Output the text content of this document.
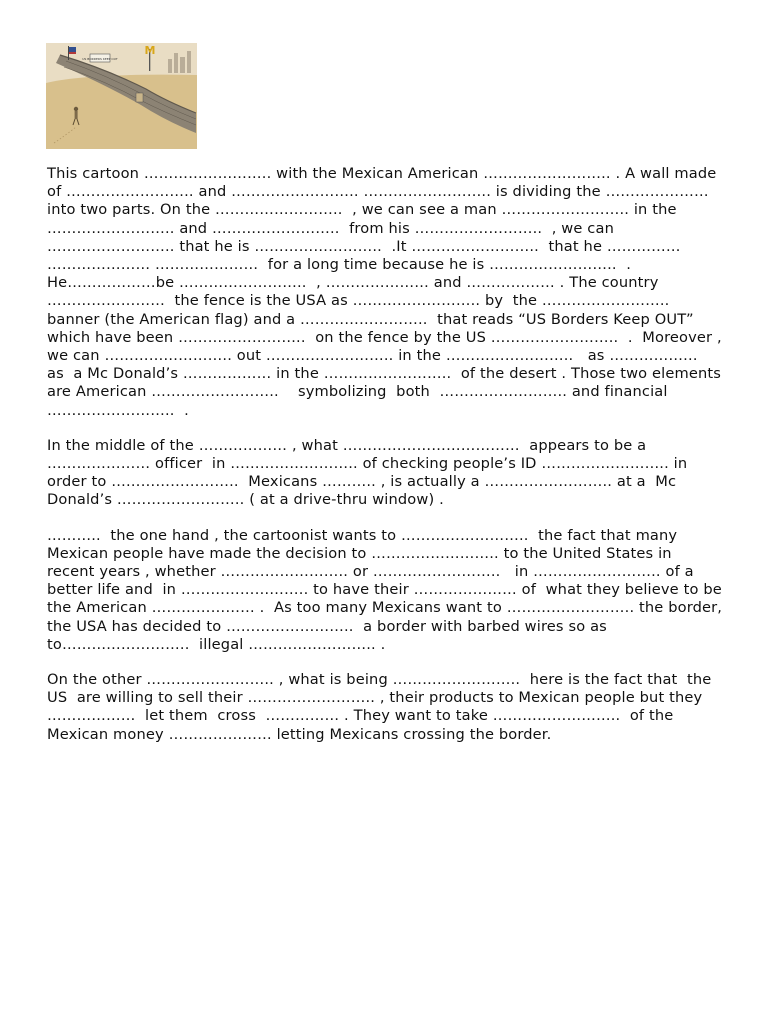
US BORDERS KEEP OUT
M

This cartoon …………………….. with the Mexican American …………………….. . A wall made of …………………….. and …………………….. …………………….. is dividing the ………………… into two parts. On the ……………………..  , we can see a man …………………….. in the …………………….. and ……………………..  from his ……………………..  , we can …………………….. that he is ……………………..  .It ……………………..  that he …………… ………………… …………………  for a long time because he is ……………………..  . He………………be ……………………..  , ………………… and ……………… . The country ……………………  the fence is the USA as …………………….. by  the ……………………..  banner (the American flag) and a ……………………..  that reads “US Borders Keep OUT”   which have been ……………………..  on the fence by the US ……………………..  .  Moreover , we can …………………….. out …………………….. in the ……………………..   as ………………  as  a Mc Donald’s ……………… in the ……………………..  of the desert . Those two elements are American ……………………..    symbolizing  both  …………………….. and financial ……………………..  .

In the middle of the ……………… , what ………………………………  appears to be a ………………… officer  in …………………….. of checking people’s ID …………………….. in order to ……………………..  Mexicans ……….. , is actually a …………………….. at a  Mc Donald’s …………………….. ( at a drive-thru window) .

………..  the one hand , the cartoonist wants to ……………………..  the fact that many  Mexican people have made the decision to …………………….. to the United States in recent years , whether …………………….. or ……………………..   in …………………….. of a better life and  in …………………….. to have their ………………… of  what they believe to be the American ………………… .  As too many Mexicans want to …………………….. the border, the USA has decided to ……………………..  a border with barbed wires so as to……………………..  illegal …………………….. .

On the other …………………….. , what is being ……………………..  here is the fact that  the US  are willing to sell their …………………….. , their products to Mexican people but they ………………  let them  cross  …………… . They want to take ……………………..  of the Mexican money ………………… letting Mexicans crossing the border.
